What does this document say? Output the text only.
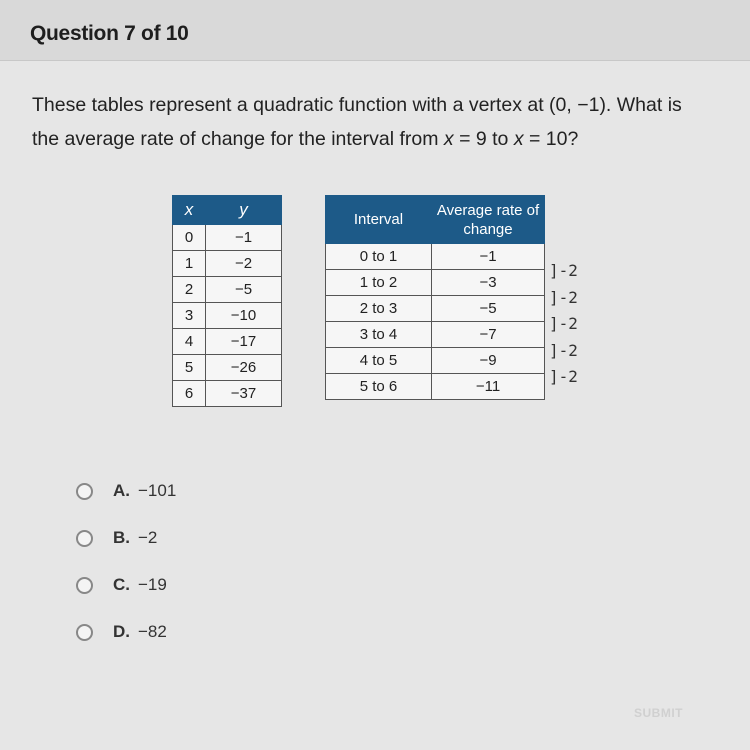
Question 7 of 10
These tables represent a quadratic function with a vertex at (0, −1). What is
the average rate of change for the interval from x = 9 to x = 10?
x	y
0	−1
1	−2
2	−5
3	−10
4	−17
5	−26
6	−37
Interval	Average rate of change
0 to 1	−1
1 to 2	−3
2 to 3	−5
3 to 4	−7
4 to 5	−9
5 to 6	−11
]-2
]-2
]-2
]-2
]-2
A. −101
B. −2
C. −19
D. −82
SUBMIT
